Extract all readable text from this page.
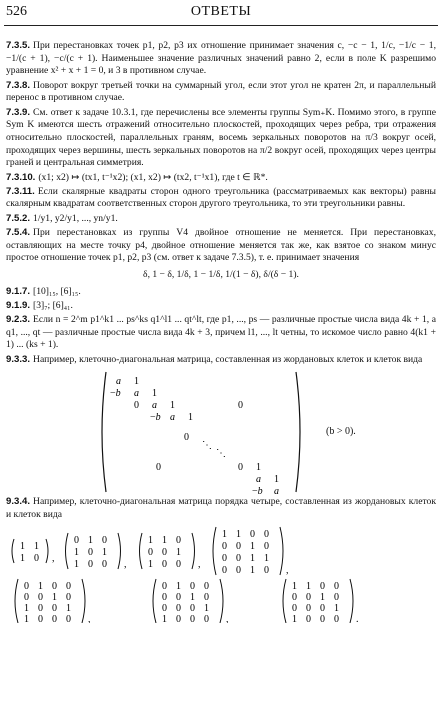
526	ОТВЕТЫ

7.3.5. При перестановках точек p1, p2, p3 их отношение принимает значения c, −c − 1, 1/c, −1/c − 1, −1/(c + 1), −c/(c + 1). Наименьшее значение различных значений равно 2, если в поле K разрешимо уравнение x² + x + 1 = 0, и 3 в противном случае.

7.3.8. Поворот вокруг третьей точки на суммарный угол, если этот угол не кратен 2π, и параллельный перенос в противном случае.

7.3.9. См. ответ к задаче 10.3.1, где перечислены все элементы группы Sym₊K. Помимо этого, в группе Sym K имеются шесть отражений относительно плоскостей, проходящих через ребра, три отражения относительно плоскостей, параллельных граням, восемь зеркальных поворотов на π/3 вокруг осей, проходящих через вершины, шесть зеркальных поворотов на π/2 вокруг осей, проходящих через центры граней и центральная симметрия.

7.3.10. (x1; x2) ↦ (tx1, t⁻¹x2); (x1, x2) ↦ (tx2, t⁻¹x1), где t ∈ ℝ*.

7.3.11. Если скалярные квадраты сторон одного треугольника (рассматриваемых как векторы) равны скалярным квадратам соответственных сторон другого треугольника, то эти треугольники равны.

7.5.2. 1/y1, y2/y1, ..., yn/y1.

7.5.4. При перестановках из группы V4 двойное отношение не меняется. При перестановках, оставляющих на месте точку p4, двойное отношение меняется так же, как взятое со знаком минус простое отношение точек p1, p2, p3 (см. ответ к задаче 7.3.5), т. е. принимает значения

δ, 1 − δ, 1/δ, 1 − 1/δ, 1/(1 − δ), δ/(δ − 1).

9.1.7. [10]₁₅, [6]₁₅.

9.1.9. [3]₇; [6]₄₁.

9.2.3. Если n = 2^m p1^k1 ... ps^ks q1^l1 ... qt^lt, где p1, ..., ps — различные простые числа вида 4k + 1, а q1, ..., qt — различные простые числа вида 4k + 3, причем l1, ..., lt четны, то искомое число равно 4(k1 + 1) ... (ks + 1).

9.3.3. Например, клеточно-диагональная матрица, составленная из жордановых клеток и клеток вида

a 1
−b a 1
0 a 1
−b a 1
0
0
⋱
⋱
0	0 1
a 1
−b a
(b > 0).

9.3.4. Например, клеточно-диагональная матрица порядка четыре, составленная из жордановых клеток и клеток вида

1 1
1 0 ,
0 1 0
1 0 1
1 0 0 ,
1 1 0
0 0 1
1 0 0 ,
1 1 0 0
0 0 1 0
0 0 1 1
0 0 1 0 ,
0 1 0 0
0 0 1 0
1 0 0 1
1 0 0 0 ,
0 1 0 0
0 0 1 0
0 0 0 1
1 0 0 0 ,
1 1 0 0
0 0 1 0
0 0 0 1
1 0 0 0 .
